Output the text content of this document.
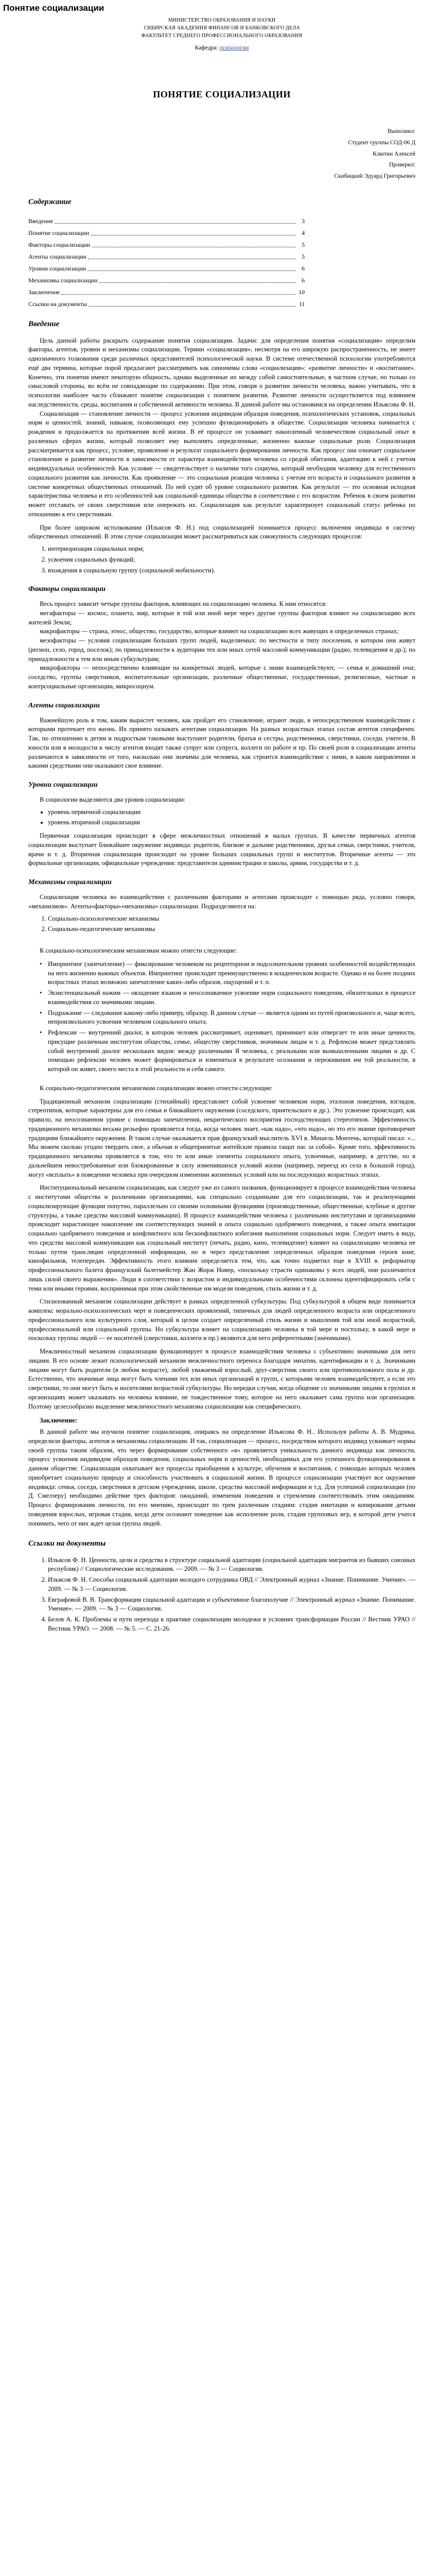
Понятие социализации

МИНИСТЕРСТВО ОБРАЗОВАНИЯ И НАУКИ

СИБИРСКАЯ АКАДЕМИЯ ФИНАНСОВ И БАНКОВСКОГО ДЕЛА

ФАКУЛЬТЕТ СРЕДНЕГО ПРОФЕССИОНАЛЬНОГО ОБРАЗОВАНИЯ

Кафедра: психологии

ПОНЯТИЕ СОЦИАЛИЗАЦИИ
Выполнил:
Студент группы СОД-06 Д
Клютин Алексей
Проверил:
Скибицкий Эдуард Григорьевич
Содержание
Введение	3
Понятие социализации	4
Факторы социализации	5
Агенты социализации	5
Уровни социализации	6
Механизмы социализации	6
Заключение	10
Ссылки на документы	11
Введение

Цель данной работы раскрыть содержание понятия социализации. Задачи: для определения понятия «социализация» определим факторы, агентов, уровни и механизмы социализации. Термин «социализация», несмотря на его широкую распространенность, не имеет однозначного толкования среди различных представителей психологической науки. В системе отечественной психологии употребляются ещё два термина, которые порой предлагают рассматривать как синонимы слова «социализация»: «развитие личности» и «воспитание». Конечно, эти понятия имеют некоторую общность, однако выделенные их между собой самостоятельные, в частном случае, но только со смысловой стороны, во всём не совпадающие по содержанию. При этом, говоря о развитии личности человека, важно учитывать, что в психологии наиболее часто сближают понятие социализации с понятием развития. Развитие личности осуществляется под влиянием наследственности, среды, воспитания и собственной активности человека. В данной работе мы остановимся на определении Ильясова Ф. Н.

Социализация — становление личности — процесс усвоения индивидом образцов поведения, психологических установок, социальных норм и ценностей, знаний, навыков, позволяющих ему успешно функционировать в обществе. Социализация человека начинается с рождения и продолжается на протяжении всей жизни. В её процессе он усваивает накопленный человечеством социальный опыт в различных сферах жизни, который позволяет ему выполнять определенные, жизненно важные социальные роли. Социализация рассматривается как процесс, условие, проявление и результат социального формирования личности. Как процесс она означает социальное становление и развитие личности в зависимости от характера взаимодействия человека со средой обитания, адаптацию к ней с учетом индивидуальных особенностей. Как условие — свидетельствует о наличии того социума, который необходим человеку для естественного социального развития как личности. Как проявление — это социальная реакция человека с учетом его возраста и социального развития в системе конкретных общественных отношений. По ней судят об уровне социального развития. Как результат — это основная исходная характеристика человека и его особенностей как социальной единицы общества в соответствии с его возрастом. Ребенок в своем развитии может отставать от своих сверстников или опережать их. Социализация как результат характеризует социальный статус ребенка по отношению к его сверстникам.

При более широком истолковании (Ильясов Ф. Н.) под социализацией понимается процесс включения индивида в систему общественных отношений. В этом случае социализация может рассматриваться как совокупность следующих процессов:

1. интериоризация социальных норм;
2. усвоения социальных функций;
3. вхождения в социальную группу (социальной мобильности).
Факторы социализации

Весь процесс зависит четыре группы факторов, влияющих на социализацию человека. К ним относятся:

мегафакторы — космос, планета, мир, которые в той или иной мере через другие группы факторов влияют на социализацию всех жителей Земли;

макрофакторы — страна, этнос, общество, государство, которые влияют на социализацию всех живущих в определенных странах;

мезофакторы — условия социализации больших групп людей, выделяемых: по местности и типу поселения, в котором они живут (регион, село, город, поселок); по принадлежности к аудитории тех или иных сетей массовой коммуникации (радио, телевидения и др.); по принадлежности к тем или иным субкультурам;

микрофакторы — непосредственно влияющие на конкретных людей, которые с ними взаимодействуют, — семья и домашний очаг, соседство, группы сверстников, воспитательные организации, различные общественные, государственные, религиозные, частные и контрсоциальные организации, микросоциум.

Агенты социализации

Важнейшую роль в том, каким вырастет человек, как пройдет его становление, играют люди, в непосредственном взаимодействии с которыми протекает его жизнь. Их принято называть агентами социализации. На разных возрастных этапах состав агентов специфичен. Так, по отношению к детям и подросткам таковыми выступают родители, братья и сестры, родственники, сверстники, соседи, учителя. В юности или в молодости к числу агентов входят также супруг или супруга, коллеги по работе и пр. По своей роли в социализации агенты различаются в зависимости от того, насколько они значимы для человека, как строится взаимодействие с ними, в каком направлении и какими средствами они оказывают свое влияние.

Уровни социализации

В социологии выделяются два уровня социализации:

• уровень первичной социализации
• уровень вторичной социализации

Первичная социализация происходит в сфере межличностных отношений в малых группах. В качестве первичных агентов социализации выступает ближайшее окружение индивида: родители, близкие и дальние родственники, друзья семьи, сверстники, учителя, врачи и т. д. Вторичная социализация происходит на уровне больших социальных групп и институтов. Вторичные агенты — это формальные организации, официальные учреждения: представители администрации и школы, армии, государства и т. д.

Механизмы социализации

Социализация человека во взаимодействии с различными факторами и агентами происходит с помощью ряда, условно говоря, «механизмов». Агенты«факторы»«механизмы» социализации. Подразделяются на:

1. Социально-психологические механизмы
2. Социально-педагогические механизмы

К социально-психологическим механизмам можно отнести следующие:

• Импринтинг (запечатление) — фиксирование человеком на рецепторном и подсознательном уровнях особенностей воздействующих на него жизненно важных объектов. Импринтинг происходит преимущественно в младенческом возрасте. Однако и на более поздних возрастных этапах возможно запечатление каких-либо образов, ощущений и т. п.
• Экзистенциальный нажим — овладение языком и неосознаваемое усвоение норм социального поведения, обязательных в процессе взаимодействия со значимыми лицами.
• Подражание — следование какому-либо примеру, образцу. В данном случае — является одним из путей произвольного и, чаще всего, непроизвольного усвоения человеком социального опыта.
• Рефлексия — внутренний диалог, в котором человек рассматривает, оценивает, принимает или отвергает те или иные ценности, присущие различным институтам общества, семье, обществу сверстников, значимым лицам и т. д. Рефлексия может представлять собой внутренний диалог нескольких видов: между различными Я человека, с реальными или вымышленными лицами и др. С помощью рефлексии человек может формироваться и изменяться в результате осознания и переживания им той реальности, в которой он живет, своего места в этой реальности и себя самого.

К социально-педагогическим механизмам социализации можно отнести следующие:

Традиционный механизм социализации (стихийный) представляет собой усвоение человеком норм, эталонов поведения, взглядов, стереотипов, которые характерны для его семьи и ближайшего окружения (соседского, приятельского и др.). Это усвоение происходит, как правило, на неосознанном уровне с помощью запечатления, некритического восприятия господствующих стереотипов. Эффективность традиционного механизма весьма рельефно проявляется тогда, когда человек знает, «как надо», «что надо», но это его знание противоречит традициям ближайшего окружения. В таком случае оказывается прав французский мыслитель XVI в. Мишель Монтень, который писал: «... Мы можем сколько угодно твердить свое, а обычаи и общепринятые житейские правила тащат нас за собой». Кроме того, эффективность традиционного механизма проявляется в том, что те или иные элементы социального опыта, усвоенные, например, в детстве, но в дальнейшем невостребованные или блокированные в силу изменившихся условий жизни (например, переезд из села в большой город), могут «всплыть» в поведении человека при очередном изменении жизненных условий или на последующих возрастных этапах.

Институциональный механизм социализации, как следует уже из самого названия, функционирует в процессе взаимодействия человека с институтами общества и различными организациями, как специально созданными для его социализации, так и реализующими социализирующие функции попутно, параллельно со своими основными функциями (производственные, общественные, клубные и другие структуры, а также средства массовой коммуникации). В процессе взаимодействия человека с различными институтами и организациями происходит нарастающее накопление им соответствующих знаний и опыта социально одобряемого поведения, а также опыта имитации социально одобряемого поведения и конфликтного или бесконфликтного избегания выполнения социальных норм. Следует иметь в виду, что средства массовой коммуникации как социальный институт (печать, радио, кино, телевидение) влияют на социализацию человека не только путем трансляции определенной информации, но и через представление определенных образцов поведения героев книг, кинофильмов, телепередач. Эффективность этого влияния определяется тем, что, как точно подметил еще в XVIII в. реформатор профессионального балета французский балетмейстер Жан Жорж Новер, «поскольку страсти одинаковы у всех людей, они различаются лишь силой своего выражения». Люди в соответствии с возрастом и индивидуальными особенностями склонны идентифицировать себя с теми или иными героями, воспринимая при этом свойственные им модели поведения, стиль жизни и т. д.

Стилизованный механизм социализации действует в рамках определенной субкультуры. Под субкультурой в общем виде понимается комплекс морально-психологических черт и поведенческих проявлений, типичных для людей определенного возраста или определенного профессионального или культурного слоя, который в целом создает определенный стиль жизни и мышления той или иной возрастной, профессиональной или социальной группы. Но субкультура влияет на социализацию человека в той мере и постольку, в какой мере и поскольку группы людей — ее носителей (сверстники, коллеги и пр.) являются для него референтными (значимыми).

Межличностный механизм социализации функционирует в процессе взаимодействия человека с субъективно значимыми для него лицами. В его основе лежит психологический механизм межличностного переноса благодаря эмпатии, идентификации и т. д. Значимыми лицами могут быть родители (в любом возрасте), любой уважаемый взрослый, друг-сверстник своего или противоположного пола и др. Естественно, что значимые лица могут быть членами тех или иных организаций и групп, с которыми человек взаимодействует, а если это сверстники, то они могут быть и носителями возрастной субкультуры. Но нередки случаи, когда общение со значимыми лицами в группах и организациях может оказывать на человека влияние, не тождественное тому, которое на него оказывает сама группа или организация. Поэтому целесообразно выделение межличностного механизма социализации как специфического.

Заключение:

В данной работе мы изучили понятие социализация, опираясь на определение Ильясова Ф. Н.. Используя работы А. В. Мудрика, определили факторы, агентов и механизмы социализации. И так, социализация — процесс, посредством которого индивид усваивает нормы своей группы таким образом, что через формирование собственного «я» проявляется уникальность данного индивида как личности, процесс усвоения индивидом образцов поведения, социальных норм и ценностей, необходимых для его успешного функционирования в данном обществе. Социализация охватывает все процессы приобщения к культуре, обучения и воспитания, с помощью которых человек приобретает социальную природу и способность участвовать в социальной жизни. В процессе социализации участвует все окружение индивида: семья, соседи, сверстники в детском учреждении, школе, средства массовой информации и т.д. Для успешной социализации (по Д. Смелзеру) необходимо действие трех факторов: ожиданий, изменения поведения и стремления соответствовать этим ожиданиям. Процесс формирования личности, по его мнению, происходит по трем различным стадиям: стадия имитации и копирования детьми поведения взрослых, игровая стадия, когда дети осознают поведение как исполнение роли, стадия групповых игр, в которой дети учатся понимать, чего от них ждет целая группа людей.

Ссылки на документы
1. Ильясов Ф. Н. Ценности, цели и средства в структуре социальной адаптации (социальной адаптации мигрантов из бывших союзных республик) // Социологические исследования. — 2009. — № 3 — Социология.
2. Ильясов Ф. Н. Способы социальной адаптации молодого сотрудника ОВД // Электронный журнал «Знание. Понимание. Умение». — 2009. — № 3 — Социология.
3. Евграфовой В. В. Трансформация социальной адаптации и субъективное благополучие // Электронный журнал «Знание. Понимание. Умение». — 2009. — № 3 — Социология.
4. Белов А. К. Проблемы и пути перехода к практике социализации молодежи в условиях трансформации России // Вестник УРАО // Вестник УРАО. — 2008. — № 5. — С. 21-26.
